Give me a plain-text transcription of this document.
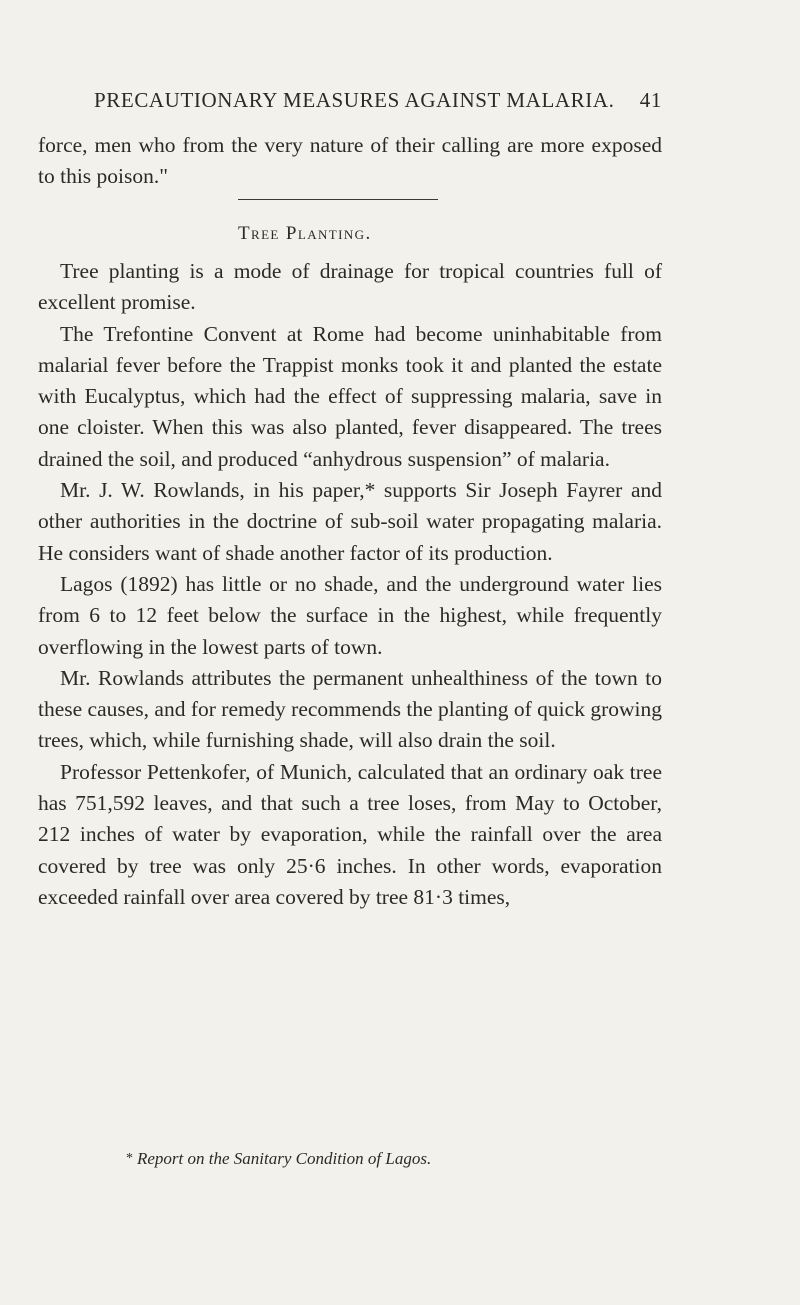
PRECAUTIONARY MEASURES AGAINST MALARIA. 41

force, men who from the very nature of their calling are more exposed to this poison."

Tree Planting.

Tree planting is a mode of drainage for tropical countries full of excellent promise.

The Trefontine Convent at Rome had become uninhabitable from malarial fever before the Trappist monks took it and planted the estate with Eucalyptus, which had the effect of suppressing malaria, save in one cloister. When this was also planted, fever disappeared. The trees drained the soil, and produced “anhydrous suspension” of malaria.

Mr. J. W. Rowlands, in his paper,* supports Sir Joseph Fayrer and other authorities in the doctrine of sub-soil water propagating malaria. He considers want of shade another factor of its production.

Lagos (1892) has little or no shade, and the underground water lies from 6 to 12 feet below the surface in the highest, while frequently overflowing in the lowest parts of town.

Mr. Rowlands attributes the permanent unhealthiness of the town to these causes, and for remedy recommends the planting of quick growing trees, which, while furnishing shade, will also drain the soil.

Professor Pettenkofer, of Munich, calculated that an ordinary oak tree has 751,592 leaves, and that such a tree loses, from May to October, 212 inches of water by evaporation, while the rainfall over the area covered by tree was only 25·6 inches. In other words, evaporation exceeded rainfall over area covered by tree 81·3 times,

* Report on the Sanitary Condition of Lagos.
